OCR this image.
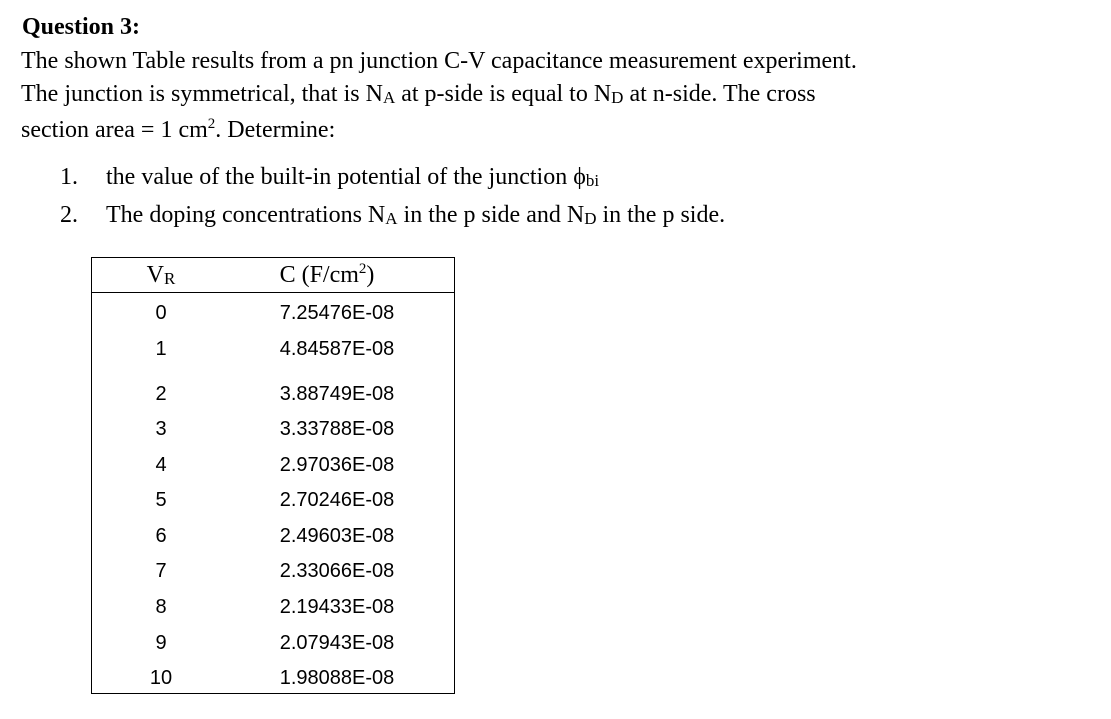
Question 3:

The shown Table results from a pn junction C-V capacitance measurement experiment.
The junction is symmetrical, that is NA at p-side is equal to ND at n-side. The cross
section area = 1 $cm^2$. Determine:

1. the value of the built-in potential of the junction ϕbi
2. The doping concentrations NA in the p side and ND in the p side.
VR	C $(F/cm^2)$
0	7.25476E-08
1	4.84587E-08
2	3.88749E-08
3	3.33788E-08
4	2.97036E-08
5	2.70246E-08
6	2.49603E-08
7	2.33066E-08
8	2.19433E-08
9	2.07943E-08
10	1.98088E-08
